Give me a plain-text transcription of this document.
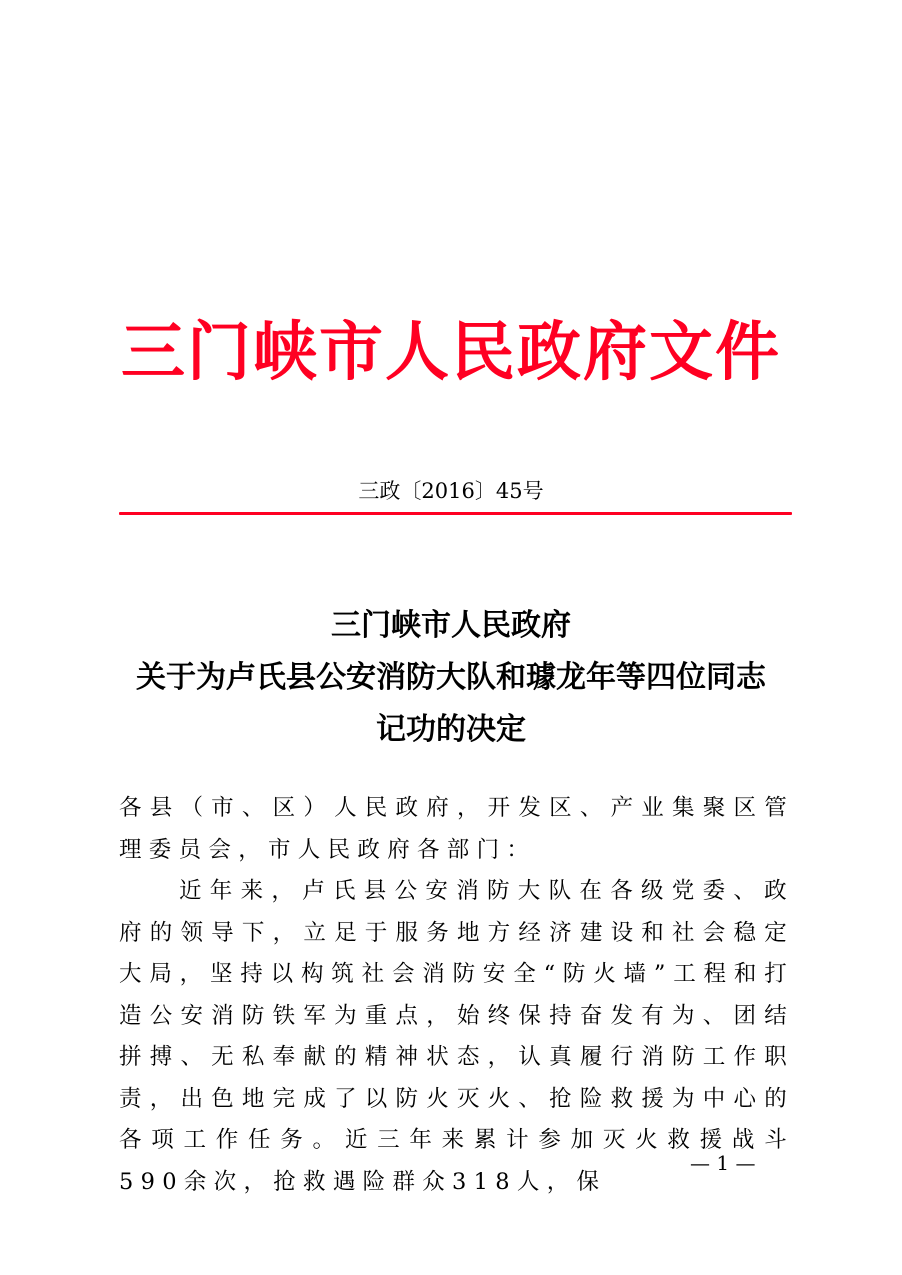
三门峡市人民政府文件
三政〔2016〕45号
三门峡市人民政府
关于为卢氏县公安消防大队和璩龙年等四位同志
记功的决定

各县（市、区）人民政府，开发区、产业集聚区管理委员会，市人民政府各部门：

近年来，卢氏县公安消防大队在各级党委、政府的领导下，立足于服务地方经济建设和社会稳定大局，坚持以构筑社会消防安全“防火墙”工程和打造公安消防铁军为重点，始终保持奋发有为、团结拼搏、无私奉献的精神状态，认真履行消防工作职责，出色地完成了以防火灭火、抢险救援为中心的各项工作任务。近三年来累计参加灭火救援战斗590余次，抢救遇险群众318人，保

— 1 —
